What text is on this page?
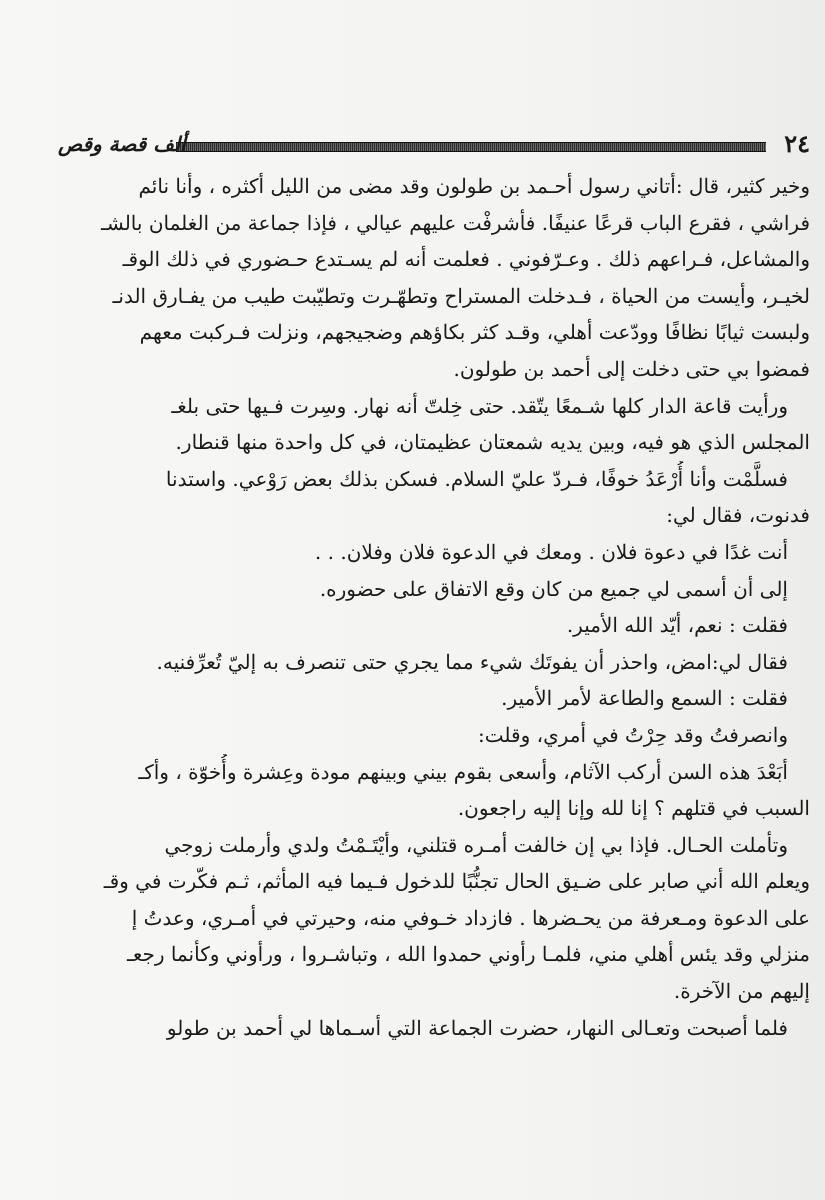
٢٤
ألف قصة وقص
وخير كثير، قال :أتاني رسول أحـمد بن طولون وقد مضى من الليل أكثره ، وأنا نائم
فراشي ، فقرع الباب قرعًا عنيفًا. فأشرفْت عليهم عيالي ، فإذا جماعة من الغلمان بالشـ
والمشاعل، فـراعهم ذلك . وعـرّفوني . فعلمت أنه لم يسـتدع حـضوري في ذلك الوقـ
لخيـر، وأيست من الحياة ، فـدخلت المستراح وتطهّـرت وتطيّبت طيب من يفـارق الدنـ
ولبست ثيابًا نظافًا وودّعت أهلي، وقـد كثر بكاؤهم وضجيجهم، ونزلت فـركبت معهم
فمضوا بي حتى دخلت إلى أحمد بن طولون.
ورأيت قاعة الدار كلها شـمعًا يتّقد. حتى خِلتّ أنه نهار. وسِرت فـيها حتى بلغـ
المجلس الذي هو فيه، وبين يديه شمعتان عظيمتان، في كل واحدة منها قنطار.
فسلَّمْت وأنا أُرْعَدُ خوفًا، فـردّ عليّ السلام. فسكن بذلك بعض رَوْعي. واستدنا
فدنوت، فقال لي:
أنت غدًا في دعوة فلان . ومعك في الدعوة فلان وفلان. . .
إلى أن أسمى لي جميع من كان وقع الاتفاق على حضوره.
فقلت : نعم، أيّد الله الأمير.
فقال لي:امض، واحذر أن يفوتَك شيء مما يجري حتى تنصرف به إليّ تُعرِّفنيه.
فقلت : السمع والطاعة لأمر الأمير.
وانصرفتُ وقد حِرْتُ في أمري، وقلت:
أبَعْدَ هذه السن أركب الآثام، وأسعى بقوم بيني وبينهم مودة وعِشرة وأُخوّة ، وأكـ
السبب في قتلهم ؟ إنا لله وإنا إليه راجعون.
وتأملت الحـال. فإذا بي إن خالفت أمـره قتلني، وأيْتَـمْتُ ولدي وأرملت زوجي
ويعلم الله أني صابر على ضـيق الحال تجنُّبًا للدخول فـيما فيه المأثم، ثـم فكّرت في وقـ
على الدعوة ومـعرفة من يحـضرها . فازداد خـوفي منه، وحيرتي في أمـري، وعدتُ إ
منزلي وقد يئس أهلي مني، فلمـا رأوني حمدوا الله ، وتباشـروا ، ورأوني وكأنما رجعـ
إليهم من الآخرة.
فلما أصبحت وتعـالى النهار، حضرت الجماعة التي أسـماها لي أحمد بن طولو
